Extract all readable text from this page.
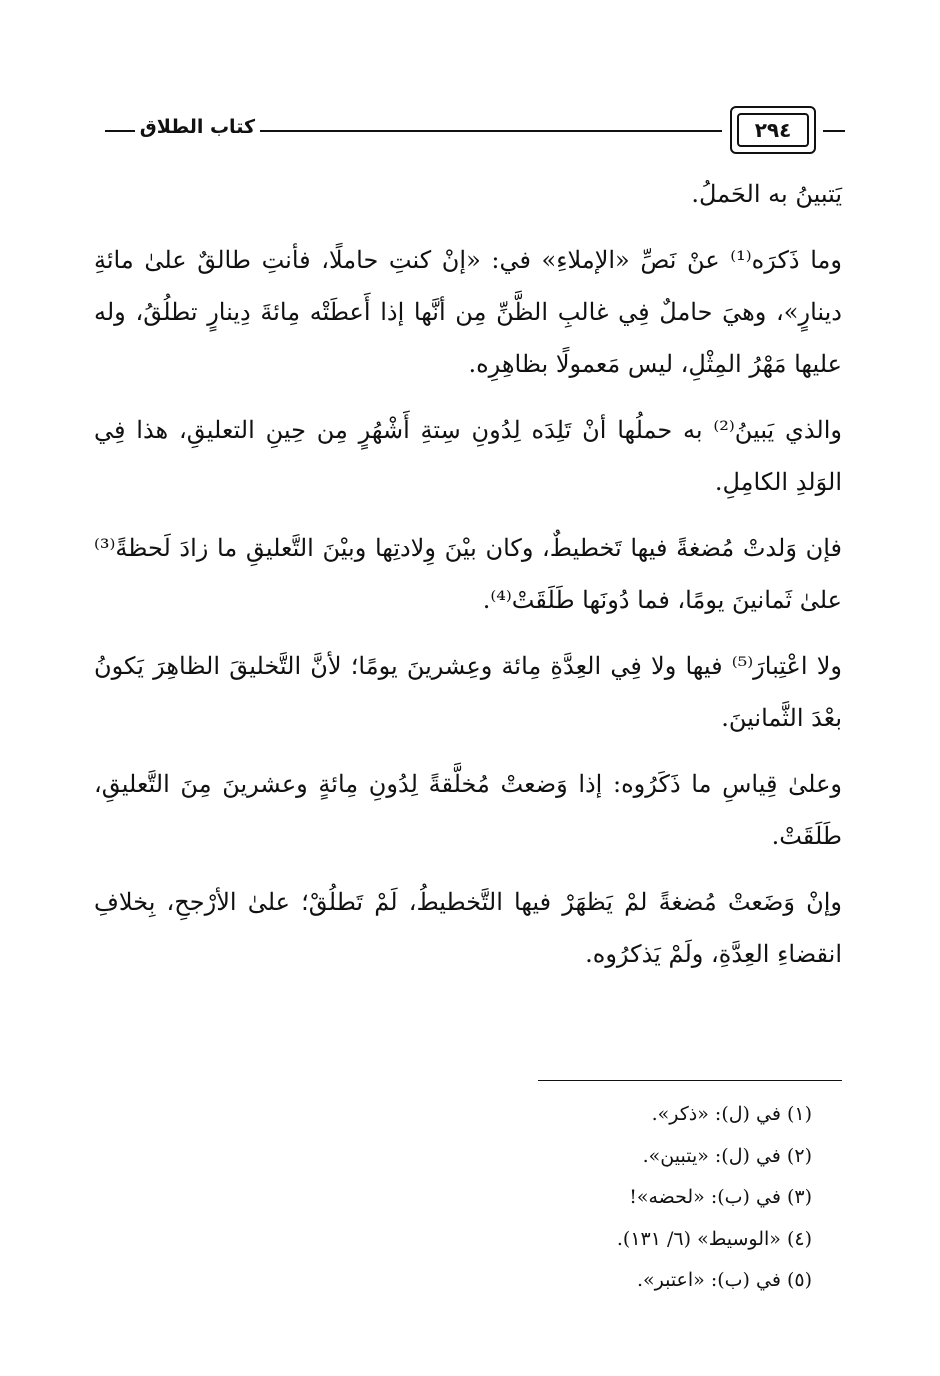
كتاب الطلاق	٢٩٤

يَتبينُ به الحَملُ.

وما ذَكرَه⁽¹⁾ عنْ نَصِّ «الإملاءِ» في: «إنْ كنتِ حاملًا، فأنتِ طالقٌ علىٰ مائةِ دينارٍ»، وهيَ حاملٌ فِي غالبِ الظَّنِّ مِن أنَّها إذا أَعطَتْه مِائةَ دِينارٍ تطلُقُ، وله عليها مَهْرُ المِثْلِ، ليس مَعمولًا بظاهِرِه.

والذي يَبينُ⁽²⁾ به حملُها أنْ تَلِدَه لِدُونِ سِتةِ أَشْهُرٍ مِن حِينِ التعليقِ، هذا فِي الوَلدِ الكامِلِ.

فإن وَلدتْ مُضغةً فيها تَخطيطٌ، وكان بيْنَ وِلادتِها وبيْنَ التَّعليقِ ما زادَ لَحظةً⁽³⁾ علىٰ ثَمانينَ يومًا، فما دُونَها طَلَقَتْ⁽⁴⁾.

ولا اعْتِبارَ⁽⁵⁾ فيها ولا فِي العِدَّةِ مِائة وعِشرينَ يومًا؛ لأنَّ التَّخليقَ الظاهِرَ يَكونُ بعْدَ الثَّمانينَ.

وعلىٰ قِياسِ ما ذَكَرُوه: إذا وَضعتْ مُخلَّقةً لِدُونِ مِائةٍ وعشرينَ مِنَ التَّعليقِ، طَلَقَتْ.

وإنْ وَضَعتْ مُضغةً لمْ يَظهَرْ فيها التَّخطيطُ، لَمْ تَطلُقْ؛ علىٰ الأرْجحِ، بِخلافِ انقضاءِ العِدَّةِ، ولَمْ يَذكرُوه.

(١) في (ل): «ذكر».
(٢) في (ل): «يتبين».
(٣) في (ب): «لحضه»!
(٤) «الوسيط» (٦/ ١٣١).
(٥) في (ب): «اعتبر».
